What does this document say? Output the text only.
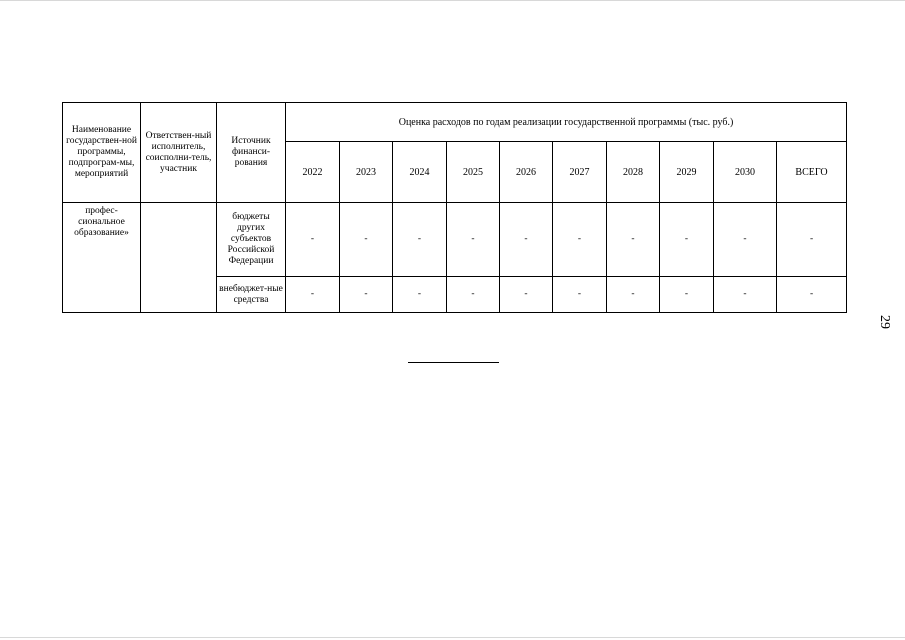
Наименование государствен-ной программы, подпрограм-мы, мероприятий	Ответствен-ный исполнитель, соисполни-тель, участник	Источник финанси-рования	Оценка расходов по годам реализации государственной программы (тыс. руб.)									
			2022	2023	2024	2025	2026	2027	2028	2029	2030	ВСЕГО
профес-сиональное образование»		бюджеты других субъектов Российской Федерации	-	-	-	-	-	-	-	-	-	-
		внебюджет-ные средства	-	-	-	-	-	-	-	-	-	-
29
